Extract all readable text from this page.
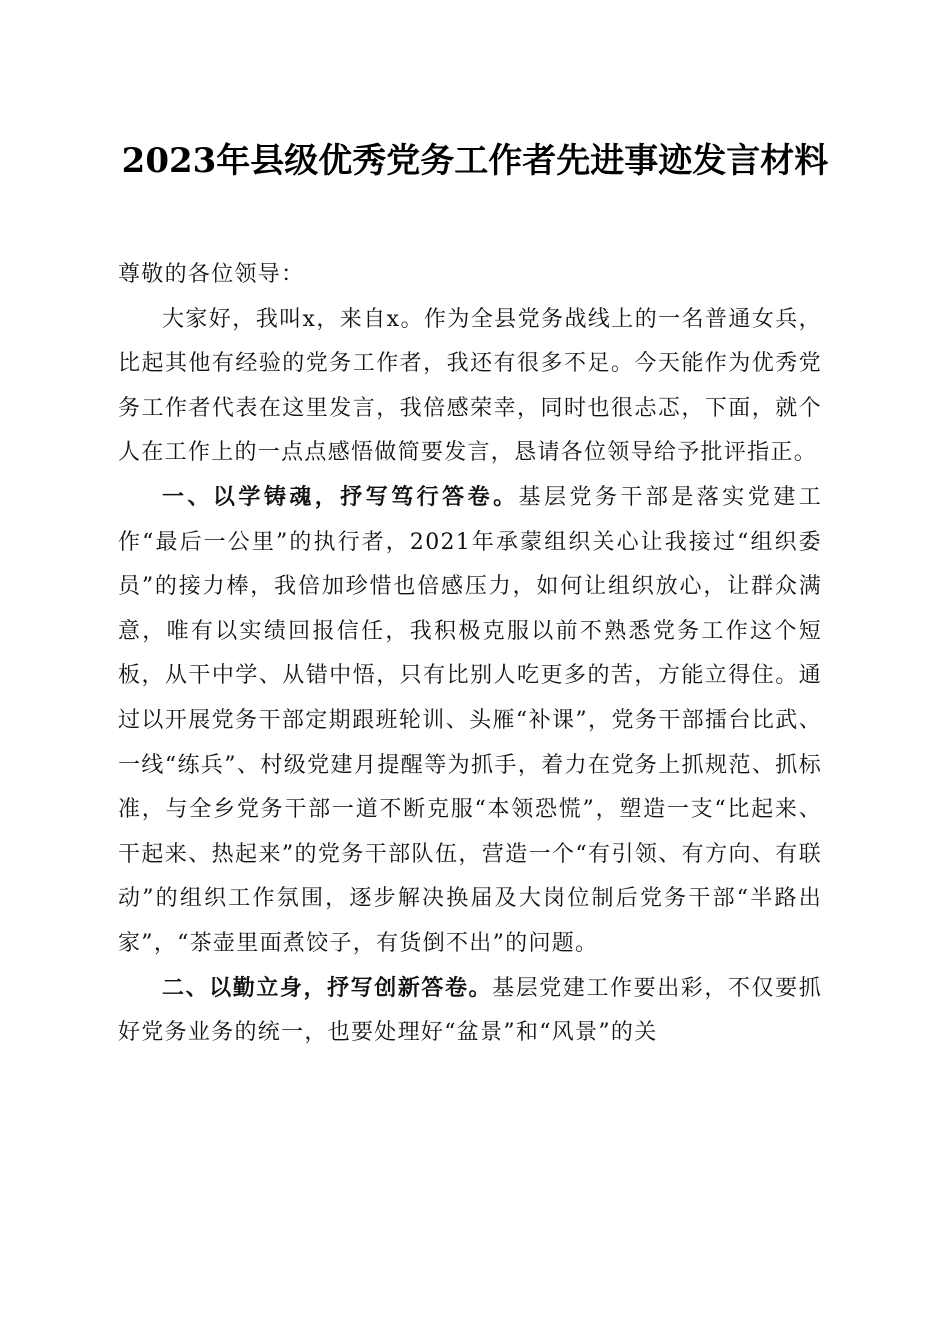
2023年县级优秀党务工作者先进事迹发言材料

尊敬的各位领导：

大家好，我叫x，来自x。作为全县党务战线上的一名普通女兵，比起其他有经验的党务工作者，我还有很多不足。今天能作为优秀党务工作者代表在这里发言，我倍感荣幸，同时也很忐忑，下面，就个人在工作上的一点点感悟做简要发言，恳请各位领导给予批评指正。

一、以学铸魂，抒写笃行答卷。基层党务干部是落实党建工作“最后一公里”的执行者，2021年承蒙组织关心让我接过“组织委员”的接力棒，我倍加珍惜也倍感压力，如何让组织放心，让群众满意，唯有以实绩回报信任，我积极克服以前不熟悉党务工作这个短板，从干中学、从错中悟，只有比别人吃更多的苦，方能立得住。通过以开展党务干部定期跟班轮训、头雁“补课”，党务干部擂台比武、一线“练兵”、村级党建月提醒等为抓手，着力在党务上抓规范、抓标准，与全乡党务干部一道不断克服“本领恐慌”，塑造一支“比起来、干起来、热起来”的党务干部队伍，营造一个“有引领、有方向、有联动”的组织工作氛围，逐步解决换届及大岗位制后党务干部“半路出家”，“茶壶里面煮饺子，有货倒不出”的问题。

二、以勤立身，抒写创新答卷。基层党建工作要出彩，不仅要抓好党务业务的统一，也要处理好“盆景”和“风景”的关
